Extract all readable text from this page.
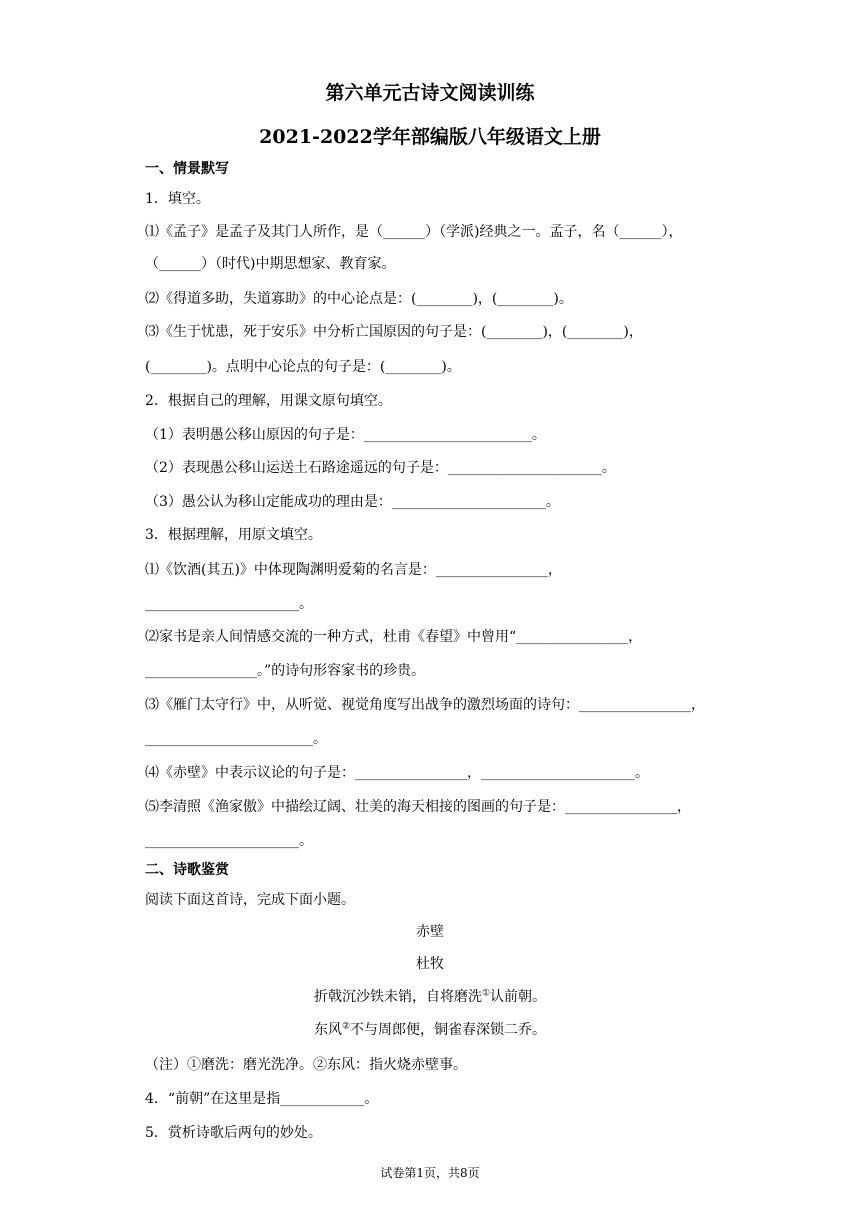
第六单元古诗文阅读训练
2021-2022学年部编版八年级语文上册
一、情景默写
1．填空。
⑴《孟子》是孟子及其门人所作，是（______）（学派)经典之一。孟子，名（______），
（______）（时代)中期思想家、教育家。
⑵《得道多助，失道寡助》的中心论点是：(________)，(________)。
⑶《生于忧患，死于安乐》中分析亡国原因的句子是：(________)，(________)，
(________)。点明中心论点的句子是：(________)。
2．根据自己的理解，用课文原句填空。
（1）表明愚公移山原因的句子是：________________________。
（2）表现愚公移山运送土石路途遥远的句子是：______________________。
（3）愚公认为移山定能成功的理由是：______________________。
3．根据理解，用原文填空。
⑴《饮酒(其五)》中体现陶渊明爱菊的名言是：________________，
______________________。
⑵家书是亲人间情感交流的一种方式，杜甫《春望》中曾用“________________，
________________。”的诗句形容家书的珍贵。
⑶《雁门太守行》中，从听觉、视觉角度写出战争的激烈场面的诗句：________________，
________________________。
⑷《赤壁》中表示议论的句子是：________________，______________________。
⑸李清照《渔家傲》中描绘辽阔、壮美的海天相接的图画的句子是：________________，
______________________。
二、诗歌鉴赏
阅读下面这首诗，完成下面小题。
赤壁
杜牧
折戟沉沙铁未销，自将磨洗①认前朝。
东风②不与周郎便，铜雀春深锁二乔。
（注）①磨洗：磨光洗净。②东风：指火烧赤壁事。
4．“前朝”在这里是指____________。
5．赏析诗歌后两句的妙处。
试卷第1页，共8页
